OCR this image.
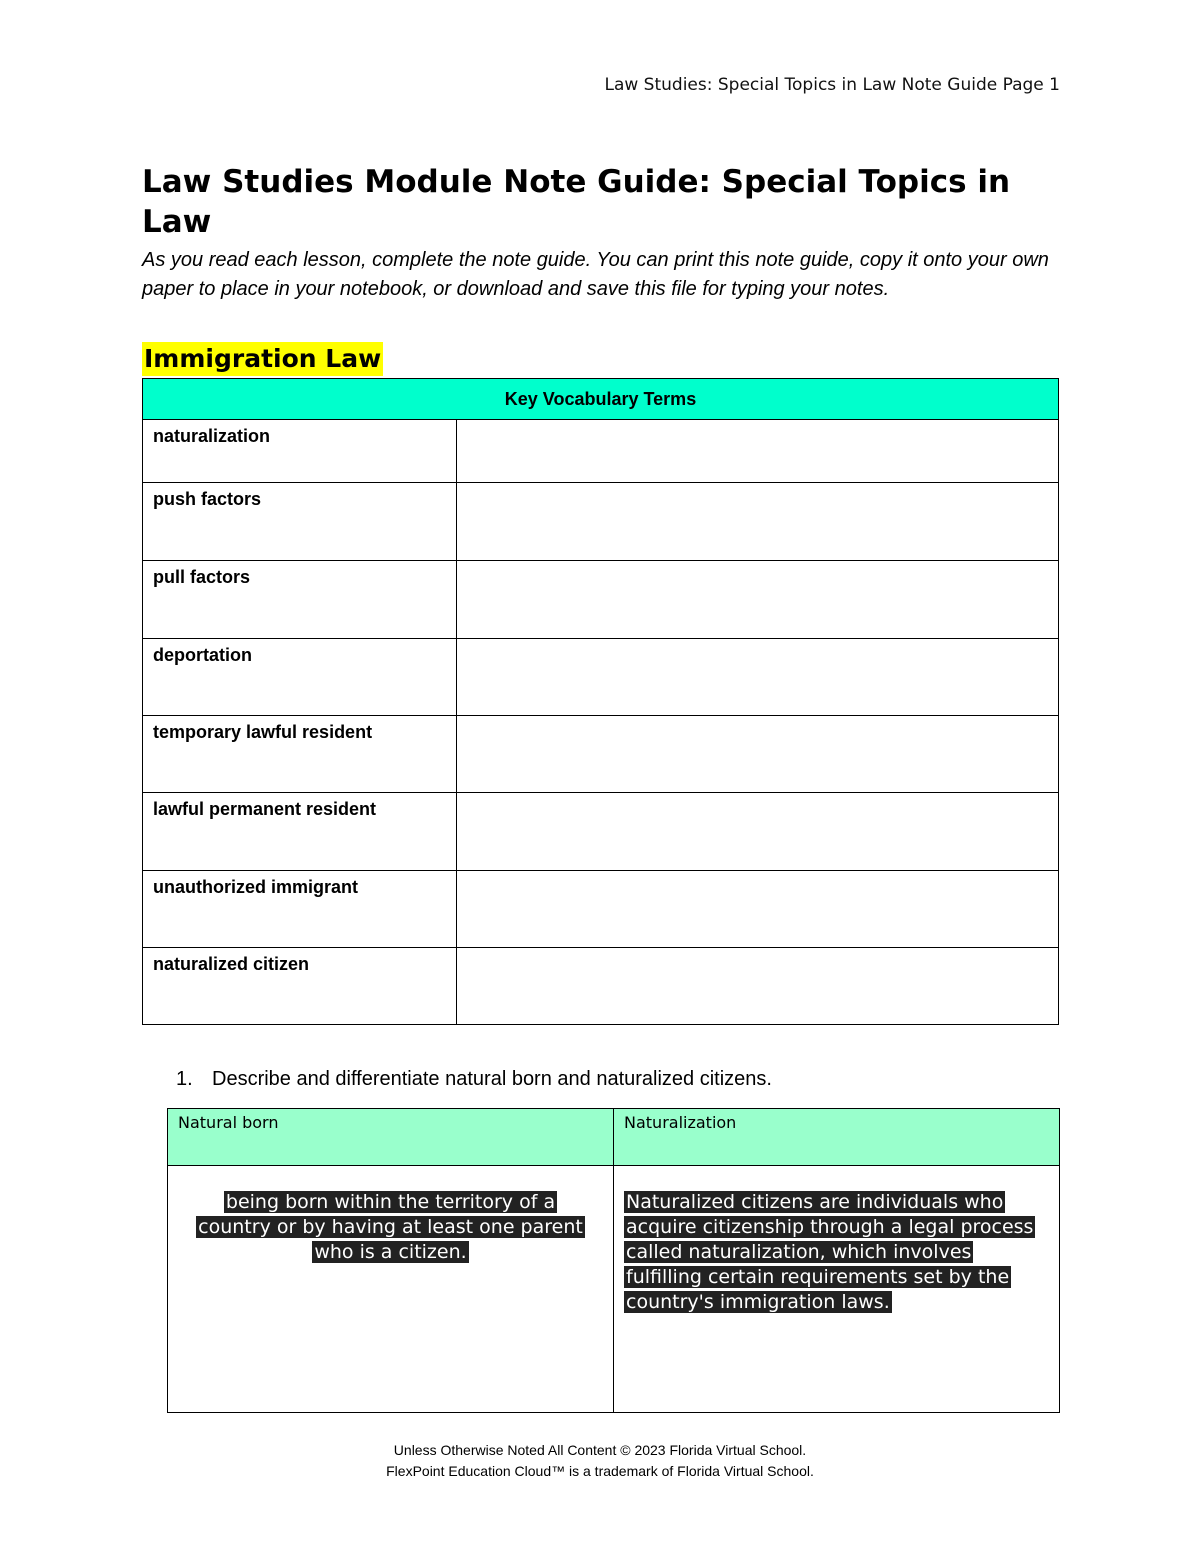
Law Studies: Special Topics in Law Note Guide Page 1
Law Studies Module Note Guide: Special Topics in Law

As you read each lesson, complete the note guide. You can print this note guide, copy it onto your own paper to place in your notebook, or download and save this file for typing your notes.

Immigration Law
Key Vocabulary Terms	
naturalization	
push factors	
pull factors	
deportation	
temporary lawful resident	
lawful permanent resident	
unauthorized immigrant	
naturalized citizen	
1. Describe and differentiate natural born and naturalized citizens.
Natural born	Naturalization
being born within the territory of a country or by having at least one parent who is a citizen.	Naturalized citizens are individuals who acquire citizenship through a legal process called naturalization, which involves fulfilling certain requirements set by the country's immigration laws.
Unless Otherwise Noted All Content © 2023 Florida Virtual School.
FlexPoint Education Cloud™ is a trademark of Florida Virtual School.
